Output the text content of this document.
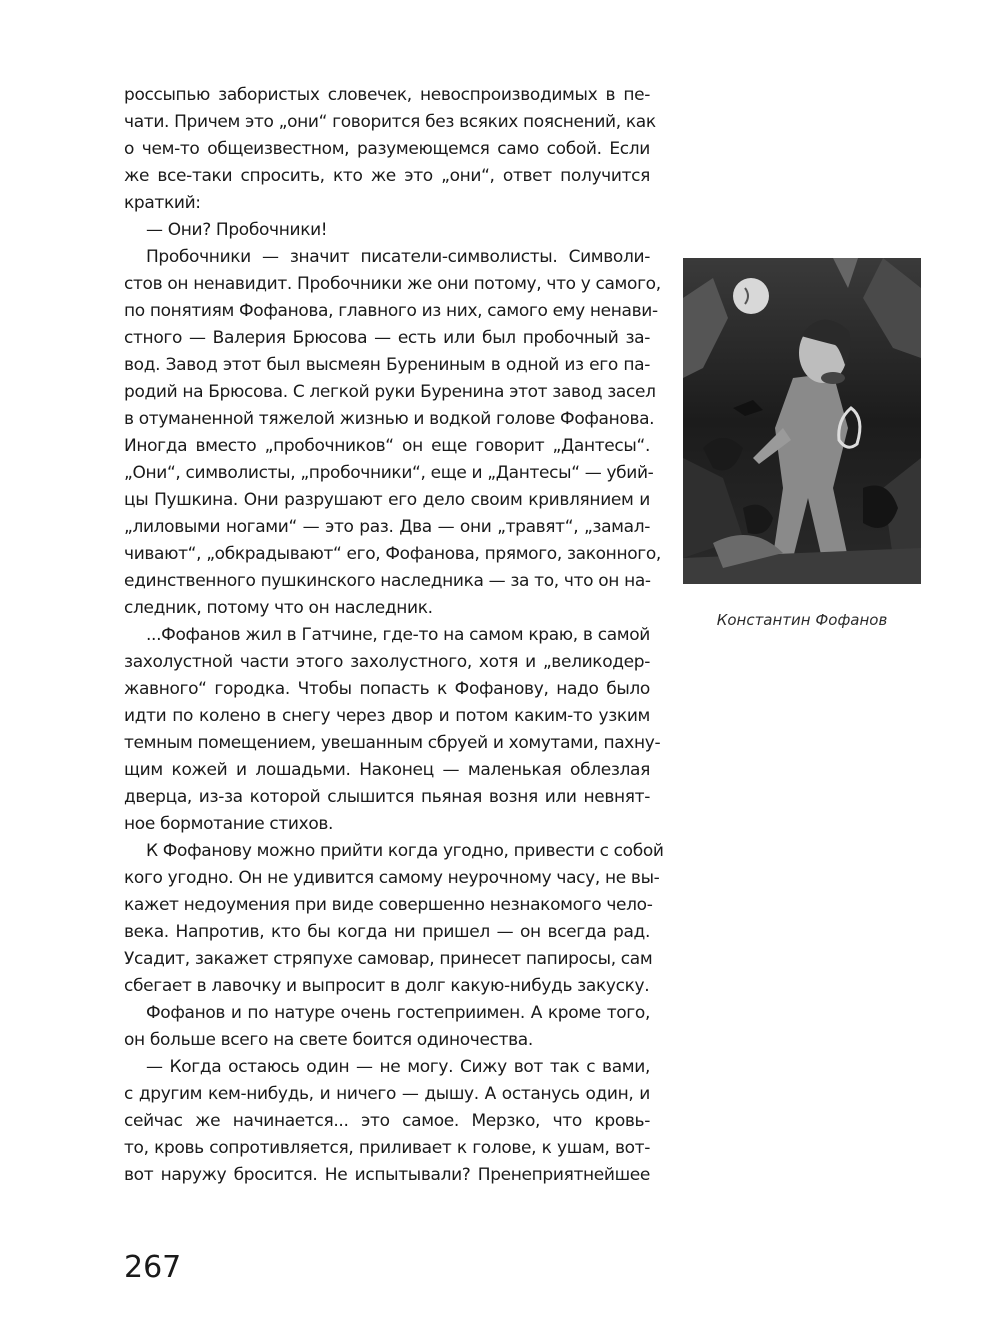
россыпью забористых словечек, невоспроизводимых в пе-
чати. Причем это „они“ говорится без всяких пояснений, как
о чем-то общеизвестном, разумеющемся само собой. Если
же все-таки спросить, кто же это „они“, ответ получится
краткий:
— Они? Пробочники!
Пробочники — значит писатели-символисты. Символи-
стов он ненавидит. Пробочники же они потому, что у самого,
по понятиям Фофанова, главного из них, самого ему ненави-
стного — Валерия Брюсова — есть или был пробочный за-
вод. Завод этот был высмеян Бурениным в одной из его па-
родий на Брюсова. С легкой руки Буренина этот завод засел
в отуманенной тяжелой жизнью и водкой голове Фофанова.
Иногда вместо „пробочников“ он еще говорит „Дантесы“.
„Они“, символисты, „пробочники“, еще и „Дантесы“ — убий-
цы Пушкина. Они разрушают его дело своим кривлянием и
„лиловыми ногами“ — это раз. Два — они „травят“, „замал-
чивают“, „обкрадывают“ его, Фофанова, прямого, законного,
единственного пушкинского наследника — за то, что он на-
следник, потому что он наследник.
...Фофанов жил в Гатчине, где-то на самом краю, в самой
захолустной части этого захолустного, хотя и „великодер-
жавного“ городка. Чтобы попасть к Фофанову, надо было
идти по колено в снегу через двор и потом каким-то узким
темным помещением, увешанным сбруей и хомутами, пахну-
щим кожей и лошадьми. Наконец — маленькая облезлая
дверца, из-за которой слышится пьяная возня или невнят-
ное бормотание стихов.
К Фофанову можно прийти когда угодно, привести с собой
кого угодно. Он не удивится самому неурочному часу, не вы-
кажет недоумения при виде совершенно незнакомого чело-
века. Напротив, кто бы когда ни пришел — он всегда рад.
Усадит, закажет стряпухе самовар, принесет папиросы, сам
сбегает в лавочку и выпросит в долг какую-нибудь закуску.
Фофанов и по натуре очень гостеприимен. А кроме того,
он больше всего на свете боится одиночества.
— Когда остаюсь один — не могу. Сижу вот так с вами,
с другим кем-нибудь, и ничего — дышу. А останусь один, и
сейчас же начинается... это самое. Мерзко, что кровь-
то, кровь сопротивляется, приливает к голове, к ушам, вот-
вот наружу бросится. Не испытывали? Пренеприятнейшее
Константин Фофанов
267
